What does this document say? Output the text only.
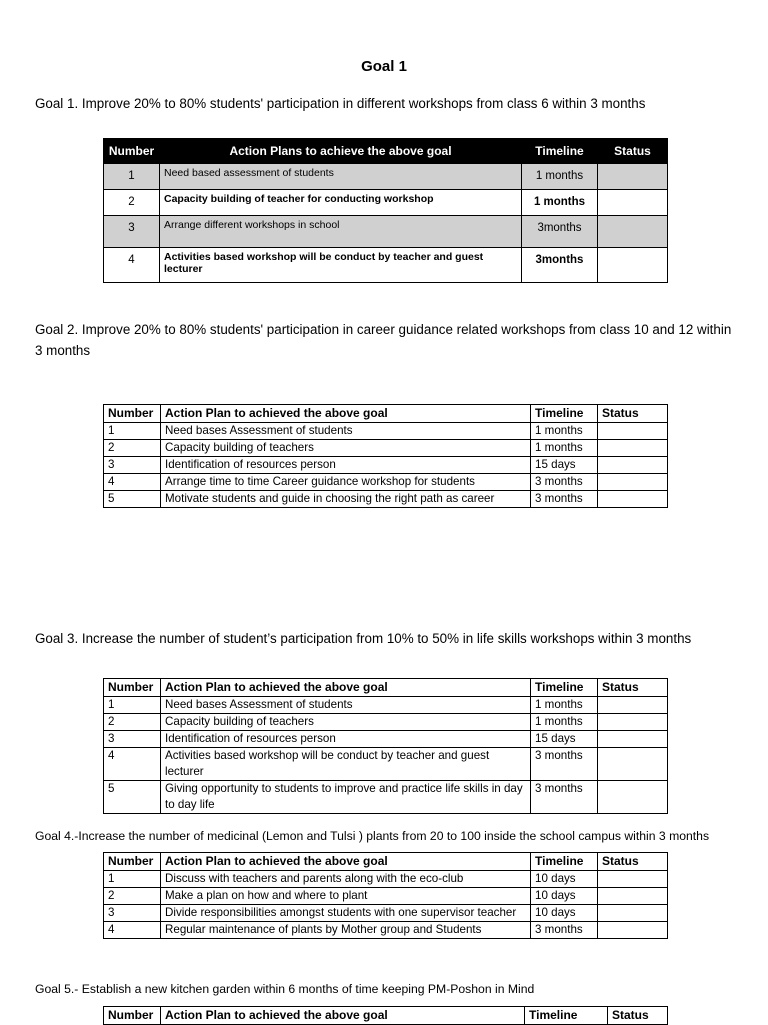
Goal 1
Goal 1. Improve 20% to 80% students' participation in different workshops from class 6 within 3 months
Number	Action Plans to achieve the above goal	Timeline	Status
1	Need based assessment of students	1 months	
2	Capacity building of teacher for conducting workshop	1 months	
3	Arrange different workshops in school	3months	
4	Activities based workshop will be conduct by teacher and guest lecturer	3months	
Goal 2. Improve 20% to 80% students' participation in career guidance related workshops from class 10 and 12 within 3 months
Number	Action Plan to achieved the above goal	Timeline	Status
1	Need bases Assessment of students	1 months	
2	Capacity building of teachers	1 months	
3	Identification of resources person	15 days	
4	Arrange time to time Career guidance workshop for students	3 months	
5	Motivate students and guide in choosing the right path as career	3 months	
Goal 3. Increase the number of student’s participation from 10% to 50% in life skills workshops within 3 months
Number	Action Plan to achieved the above goal	Timeline	Status
1	Need bases Assessment of students	1 months	
2	Capacity building of teachers	1 months	
3	Identification of resources person	15 days	
4	Activities based workshop will be conduct by teacher and guest lecturer	3 months	
5	Giving opportunity to students to improve and practice life skills in day to day life	3 months	
Goal 4.-Increase the number of medicinal (Lemon and Tulsi ) plants from 20 to 100 inside the school campus within 3 months
Number	Action Plan to achieved the above goal	Timeline	Status
1	Discuss with teachers and parents along with the eco-club	10 days	
2	Make a plan on how and where to plant	10 days	
3	Divide responsibilities amongst students with one supervisor teacher	10 days	
4	Regular maintenance of plants by Mother group and Students	3 months	
Goal 5.- Establish a new kitchen garden within 6 months of time keeping PM-Poshon in Mind
Number	Action Plan to achieved the above goal	Timeline	Status
